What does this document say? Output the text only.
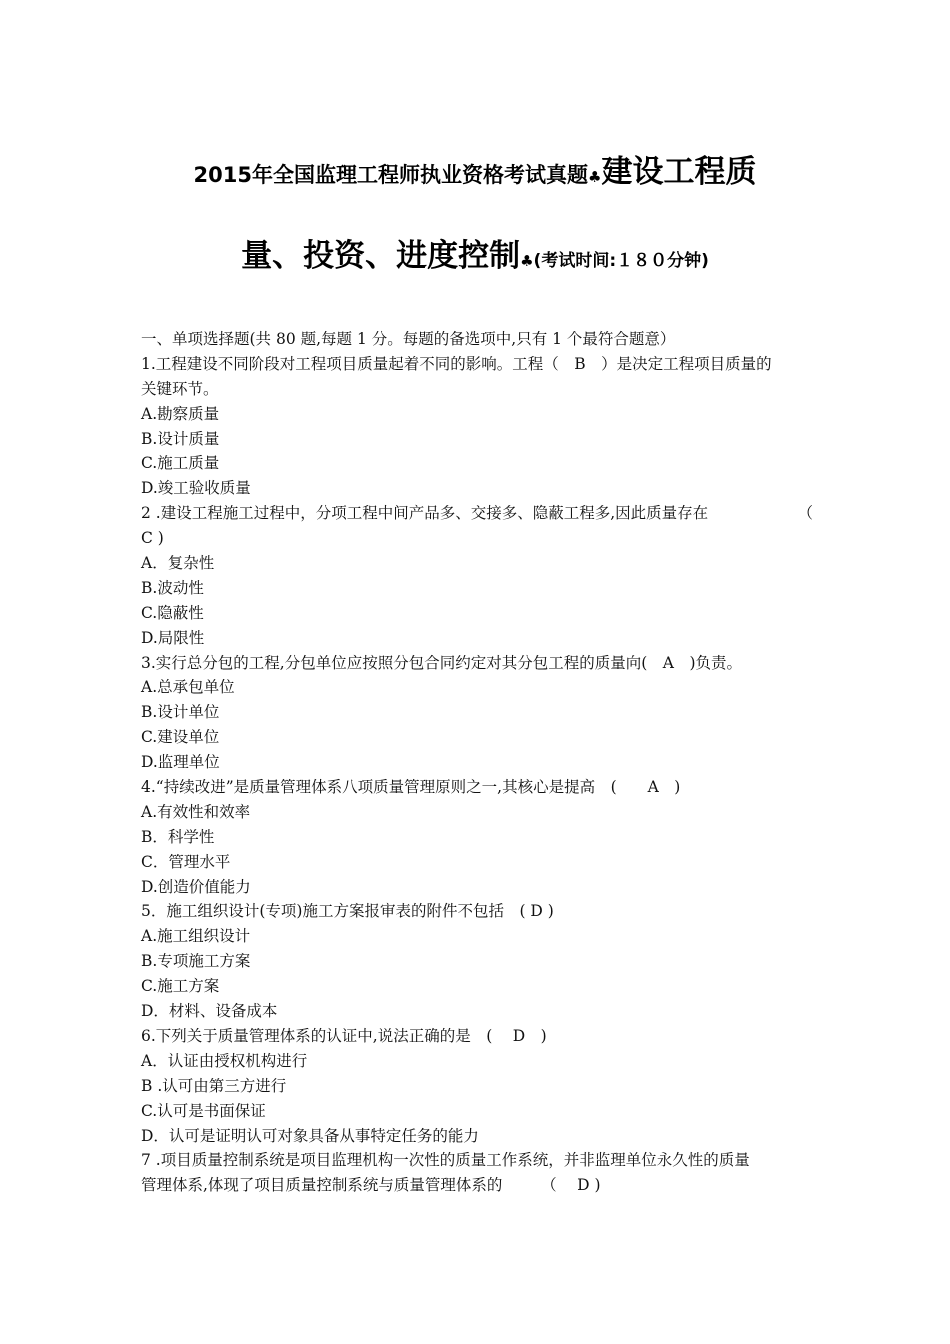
2015年全国监理工程师执业资格考试真题♣建设工程质
量、投资、进度控制♣(考试时间:１８０分钟)
一、单项选择题(共 80 题,每题 1 分。每题的备选项中,只有 1 个最符合题意）
1.工程建设不同阶段对工程项目质量起着不同的影响。工程（　B　）是决定工程项目质量的
关键环节。
A.勘察质量
B.设计质量
C.施工质量
D.竣工验收质量
2 .建设工程施工过程中，分项工程中间产品多、交接多、隐蔽工程多,因此质量存在	（
C )
A．复杂性
B.波动性
C.隐蔽性
D.局限性
3.实行总分包的工程,分包单位应按照分包合同约定对其分包工程的质量向(　A　)负责。
A.总承包单位
B.设计单位
C.建设单位
D.监理单位
4.“持续改进”是质量管理体系八项质量管理原则之一,其核心是提高　(　　A　)
A.有效性和效率
B．科学性
C．管理水平
D.创造价值能力
5．施工组织设计(专项)施工方案报审表的附件不包括　( D )
A.施工组织设计
B.专项施工方案
C.施工方案
D．材料、设备成本
6.下列关于质量管理体系的认证中,说法正确的是　(　 D　)
A．认证由授权机构进行
B .认可由第三方进行
C.认可是书面保证
D．认可是证明认可对象具备从事特定任务的能力
7 .项目质量控制系统是项目监理机构一次性的质量工作系统，并非监理单位永久性的质量
管理体系,体现了项目质量控制系统与质量管理体系的　　　（　 D )
